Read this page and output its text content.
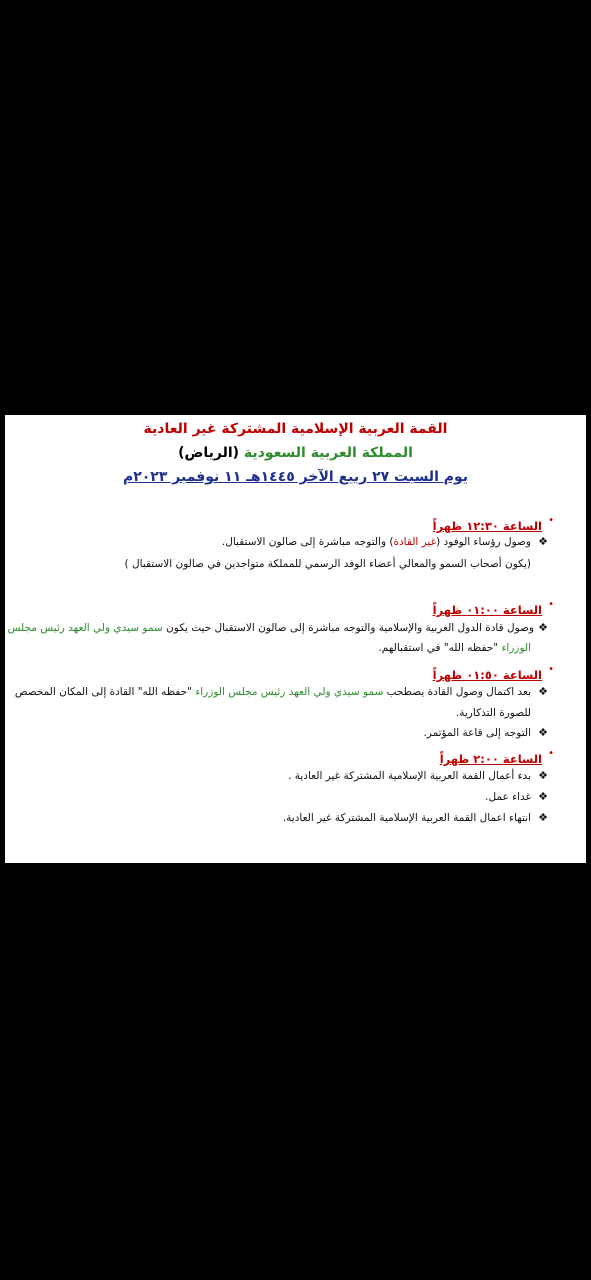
القمة العربية الإسلامية المشتركة غير العادية
المملكة العربية السعودية (الرياض)
يوم السبت ٢٧ ربيع الآخر ١٤٤٥هـ ١١ نوفمبر ٢٠٢٣م
•
الساعة ١٢:٣٠ ظهراً
❖
وصول رؤساء الوفود (غير القادة) والتوجه مباشرة إلى صالون الاستقبال.
(يكون أصحاب السمو والمعالي أعضاء الوفد الرسمي للمملكة متواجدين في صالون الاستقبال )
•
الساعة ٠١:٠٠ ظهراً
❖
وصول قادة الدول العربية والإسلامية والتوجه مباشرة إلى صالون الاستقبال حيث يكون سمو سيدي ولي العهد رئيس مجلس
الوزراء "حفظه الله" في استقبالهم.
•
الساعة ٠١:٥٠ ظهراً
❖
بعد اكتمال وصول القادة يصطحب سمو سيدي ولي العهد رئيس مجلس الوزراء "حفظه الله" القادة إلى المكان المخصص
للصورة التذكارية.
❖
التوجه إلى قاعة المؤتمر.
•
الساعة ٢:٠٠ ظهراً
❖
بدء أعمال القمة العربية الإسلامية المشتركة غير العادية .
❖
غداء عمل.
❖
انتهاء اعمال القمة العربية الإسلامية المشتركة غير العادية.
